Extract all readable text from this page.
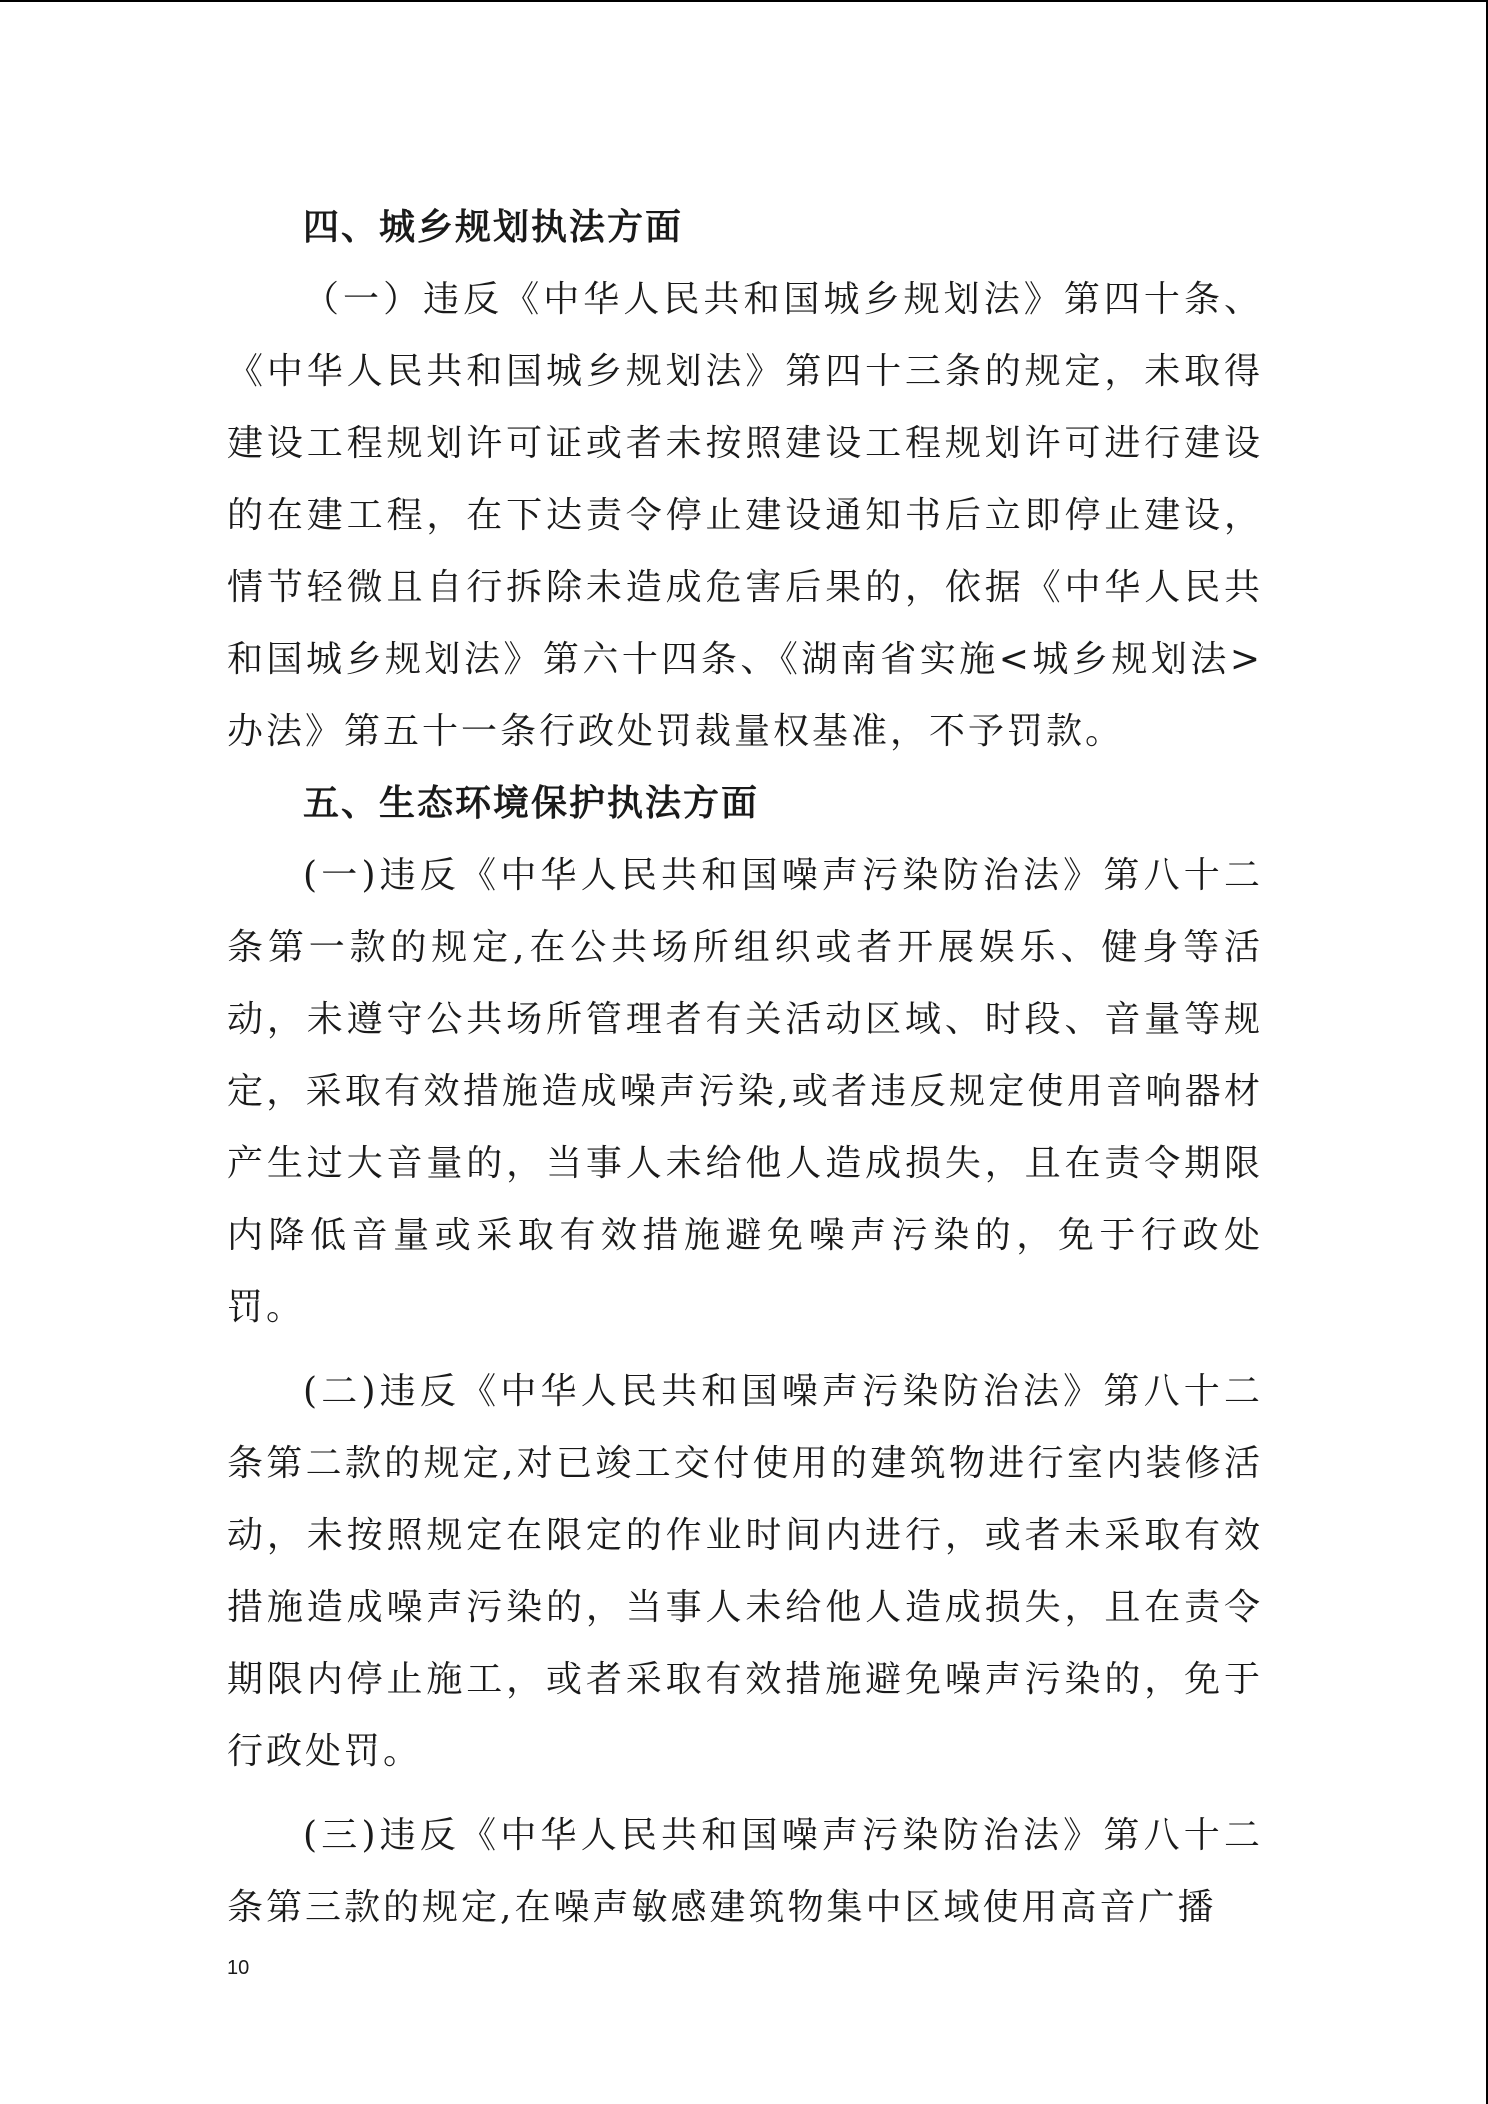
四、城乡规划执法方面

（一）违反《中华人民共和国城乡规划法》第四十条、《中华人民共和国城乡规划法》第四十三条的规定，未取得建设工程规划许可证或者未按照建设工程规划许可进行建设的在建工程，在下达责令停止建设通知书后立即停止建设，情节轻微且自行拆除未造成危害后果的，依据《中华人民共和国城乡规划法》第六十四条、《湖南省实施<城乡规划法>办法》第五十一条行政处罚裁量权基准，不予罚款。

五、生态环境保护执法方面

(一)违反《中华人民共和国噪声污染防治法》第八十二条第一款的规定,在公共场所组织或者开展娱乐、健身等活动，未遵守公共场所管理者有关活动区域、时段、音量等规定，采取有效措施造成噪声污染,或者违反规定使用音响器材产生过大音量的，当事人未给他人造成损失，且在责令期限内降低音量或采取有效措施避免噪声污染的，免于行政处罚。

(二)违反《中华人民共和国噪声污染防治法》第八十二条第二款的规定,对已竣工交付使用的建筑物进行室内装修活动，未按照规定在限定的作业时间内进行，或者未采取有效措施造成噪声污染的，当事人未给他人造成损失，且在责令期限内停止施工，或者采取有效措施避免噪声污染的，免于行政处罚。

(三)违反《中华人民共和国噪声污染防治法》第八十二条第三款的规定,在噪声敏感建筑物集中区域使用高音广播

10
